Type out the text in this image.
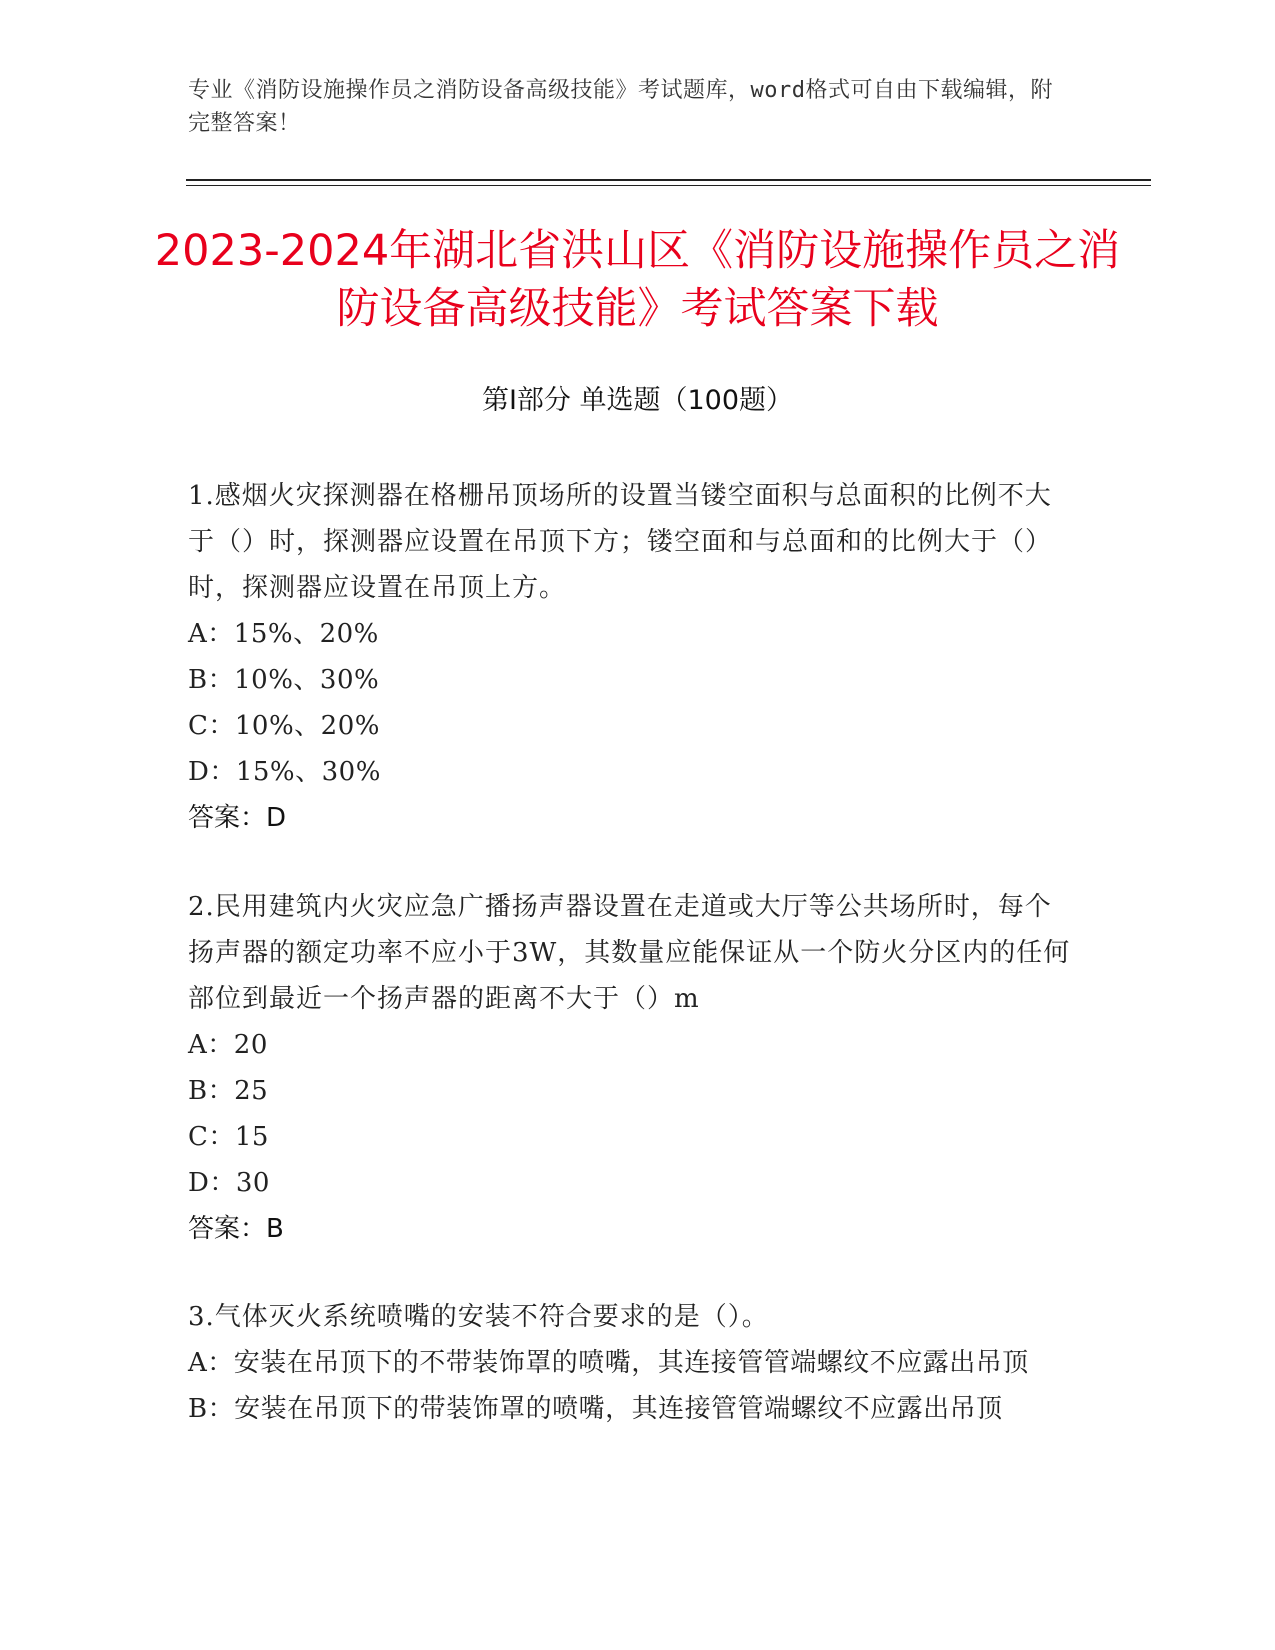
专业《消防设施操作员之消防设备高级技能》考试题库，word格式可自由下载编辑，附完整答案！
2023-2024年湖北省洪山区《消防设施操作员之消防设备高级技能》考试答案下载
第Ⅰ部分 单选题（100题）
1.感烟火灾探测器在格栅吊顶场所的设置当镂空面积与总面积的比例不大于（）时，探测器应设置在吊顶下方；镂空面和与总面和的比例大于（）时，探测器应设置在吊顶上方。
A：15%、20%
B：10%、30%
C：10%、20%
D：15%、30%
答案：D
2.民用建筑内火灾应急广播扬声器设置在走道或大厅等公共场所时，每个扬声器的额定功率不应小于3W，其数量应能保证从一个防火分区内的任何部位到最近一个扬声器的距离不大于（）m
A：20
B：25
C：15
D：30
答案：B
3.气体灭火系统喷嘴的安装不符合要求的是（）。
A：安装在吊顶下的不带装饰罩的喷嘴，其连接管管端螺纹不应露出吊顶
B：安装在吊顶下的带装饰罩的喷嘴，其连接管管端螺纹不应露出吊顶
